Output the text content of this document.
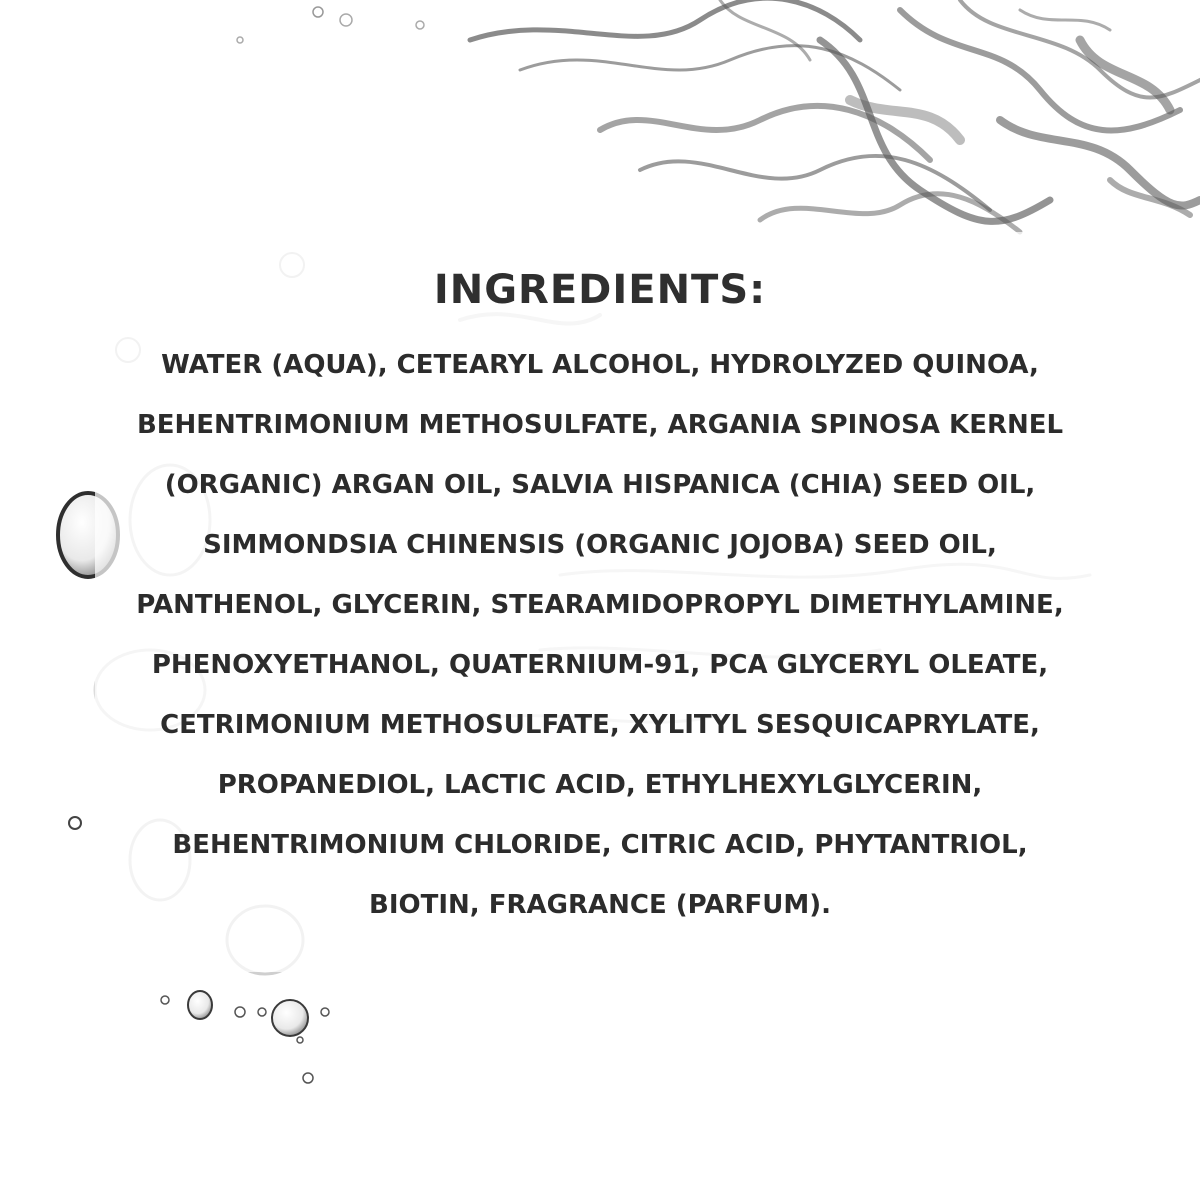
INGREDIENTS:
WATER (AQUA), CETEARYL ALCOHOL, HYDROLYZED QUINOA,
BEHENTRIMONIUM METHOSULFATE, ARGANIA SPINOSA KERNEL
(ORGANIC) ARGAN OIL, SALVIA HISPANICA (CHIA) SEED OIL,
SIMMONDSIA CHINENSIS (ORGANIC JOJOBA) SEED OIL,
PANTHENOL, GLYCERIN, STEARAMIDOPROPYL DIMETHYLAMINE,
PHENOXYETHANOL, QUATERNIUM-91, PCA GLYCERYL OLEATE,
CETRIMONIUM METHOSULFATE, XYLITYL SESQUICAPRYLATE,
PROPANEDIOL, LACTIC ACID, ETHYLHEXYLGLYCERIN,
BEHENTRIMONIUM CHLORIDE, CITRIC ACID, PHYTANTRIOL,
BIOTIN, FRAGRANCE (PARFUM).
